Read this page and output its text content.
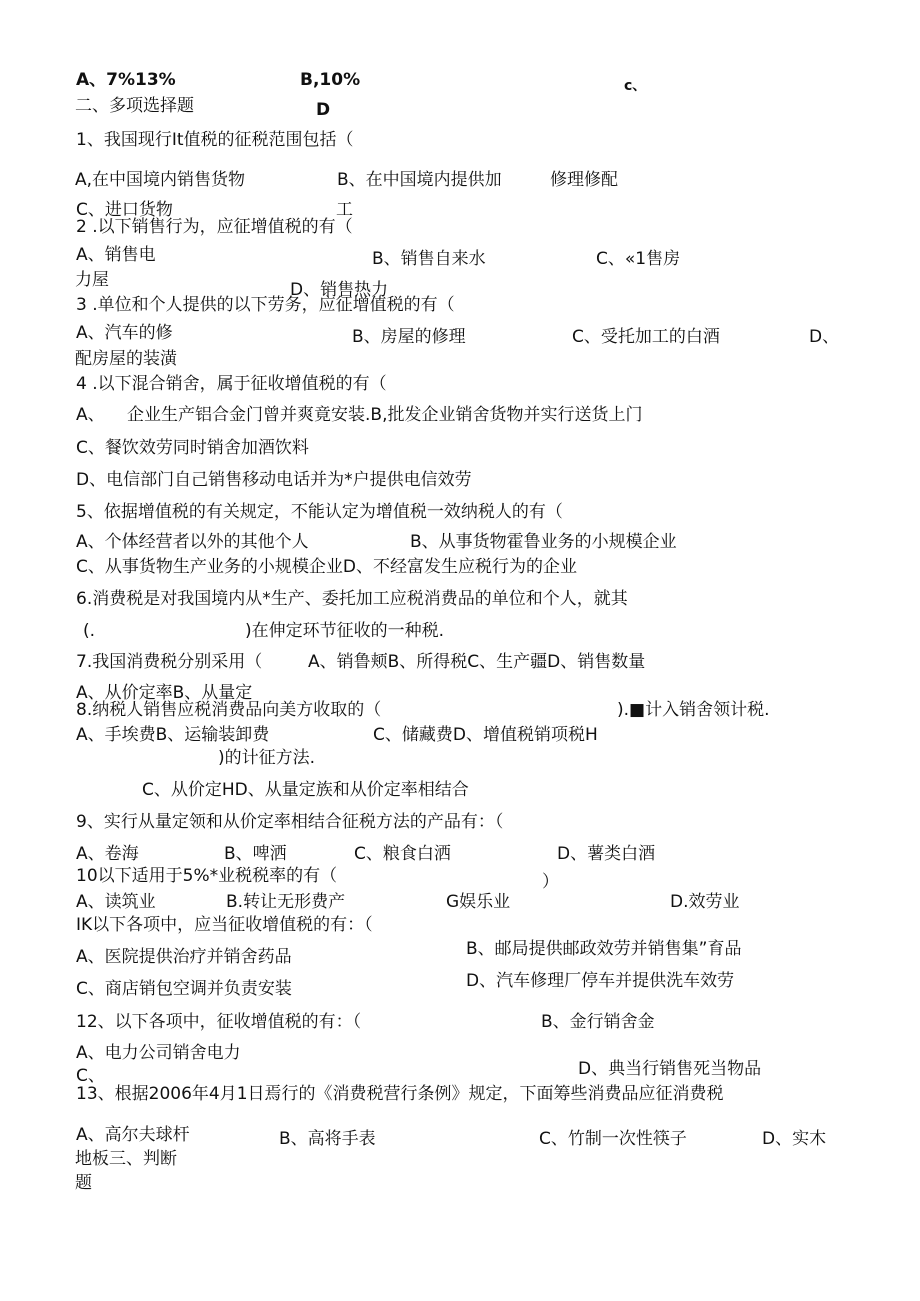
A、7%13%	B,10%	c、
二、多项选择题	D
1、我国现行It值税的征税范围包括（
A,在中国境内销售货物	B、在中国境内提供加	修理修配
C、进口货物	工
2 .以下销售行为，应征增值税的有（
A、销售电	B、销售自来水	C、«1售房
力屋	D、销售热力
3 .单位和个人提供的以下劳务，应征增值税的有（
A、汽车的修	B、房屋的修理	C、受托加工的白酒	D、
配房屋的装潢
4 .以下混合销舍，属于征收增值税的有（
A、 企业生产铝合金门曾并爽竟安装.B,批发企业销舍货物并实行送货上门
C、餐饮效劳同时销舍加酒饮料
D、电信部门自己销售移动电话并为*户提供电信效劳
5、依据增值税的有关规定，不能认定为增值税一效纳税人的有（
A、个体经营者以外的其他个人	B、从事货物霍鲁业务的小规模企业
C、从事货物生产业务的小规模企业D、不经富发生应税行为的企业
6.消费税是对我国境内从*生产、委托加工应税消费品的单位和个人，就其
(.	)在伸定环节征收的一种税.
7.我国消费税分别采用（	A、销鲁颊B、所得税C、生产疆D、销售数量
A、从价定率B、从量定
8.纳税人销售应税消费品向美方收取的（	).■计入销舍领计税.
A、手埃费B、运输装卸费	C、储藏费D、增值税销项税H
)的计征方法.
C、从价定HD、从量定族和从价定率相结合
9、实行从量定领和从价定率相结合征税方法的产品有：（
A、卷海	B、啤洒	C、粮食白洒	D、薯类白酒
10以下适用于5%*业税税率的有（	）
A、读筑业	B.转让无形费产	G娱乐业	D.效劳业
IK以下各项中，应当征收增值税的有：（
B、邮局提供邮政效劳并销售集”育品
A、医院提供治疗并销舍药品
D、汽车修理厂停车并提供洗车效劳
C、商店销包空调并负责安装
12、以下各项中，征收增值税的有：（	B、金行销舍金
A、电力公司销舍电力
C、	D、典当行销售死当物品
13、根据2006年4月1日焉行的《消费税营行条例》规定，下面筹些消费品应征消费税
A、高尔夫球杆	B、高将手表	C、竹制一次性筷子	D、实木
地板三、判断
题
